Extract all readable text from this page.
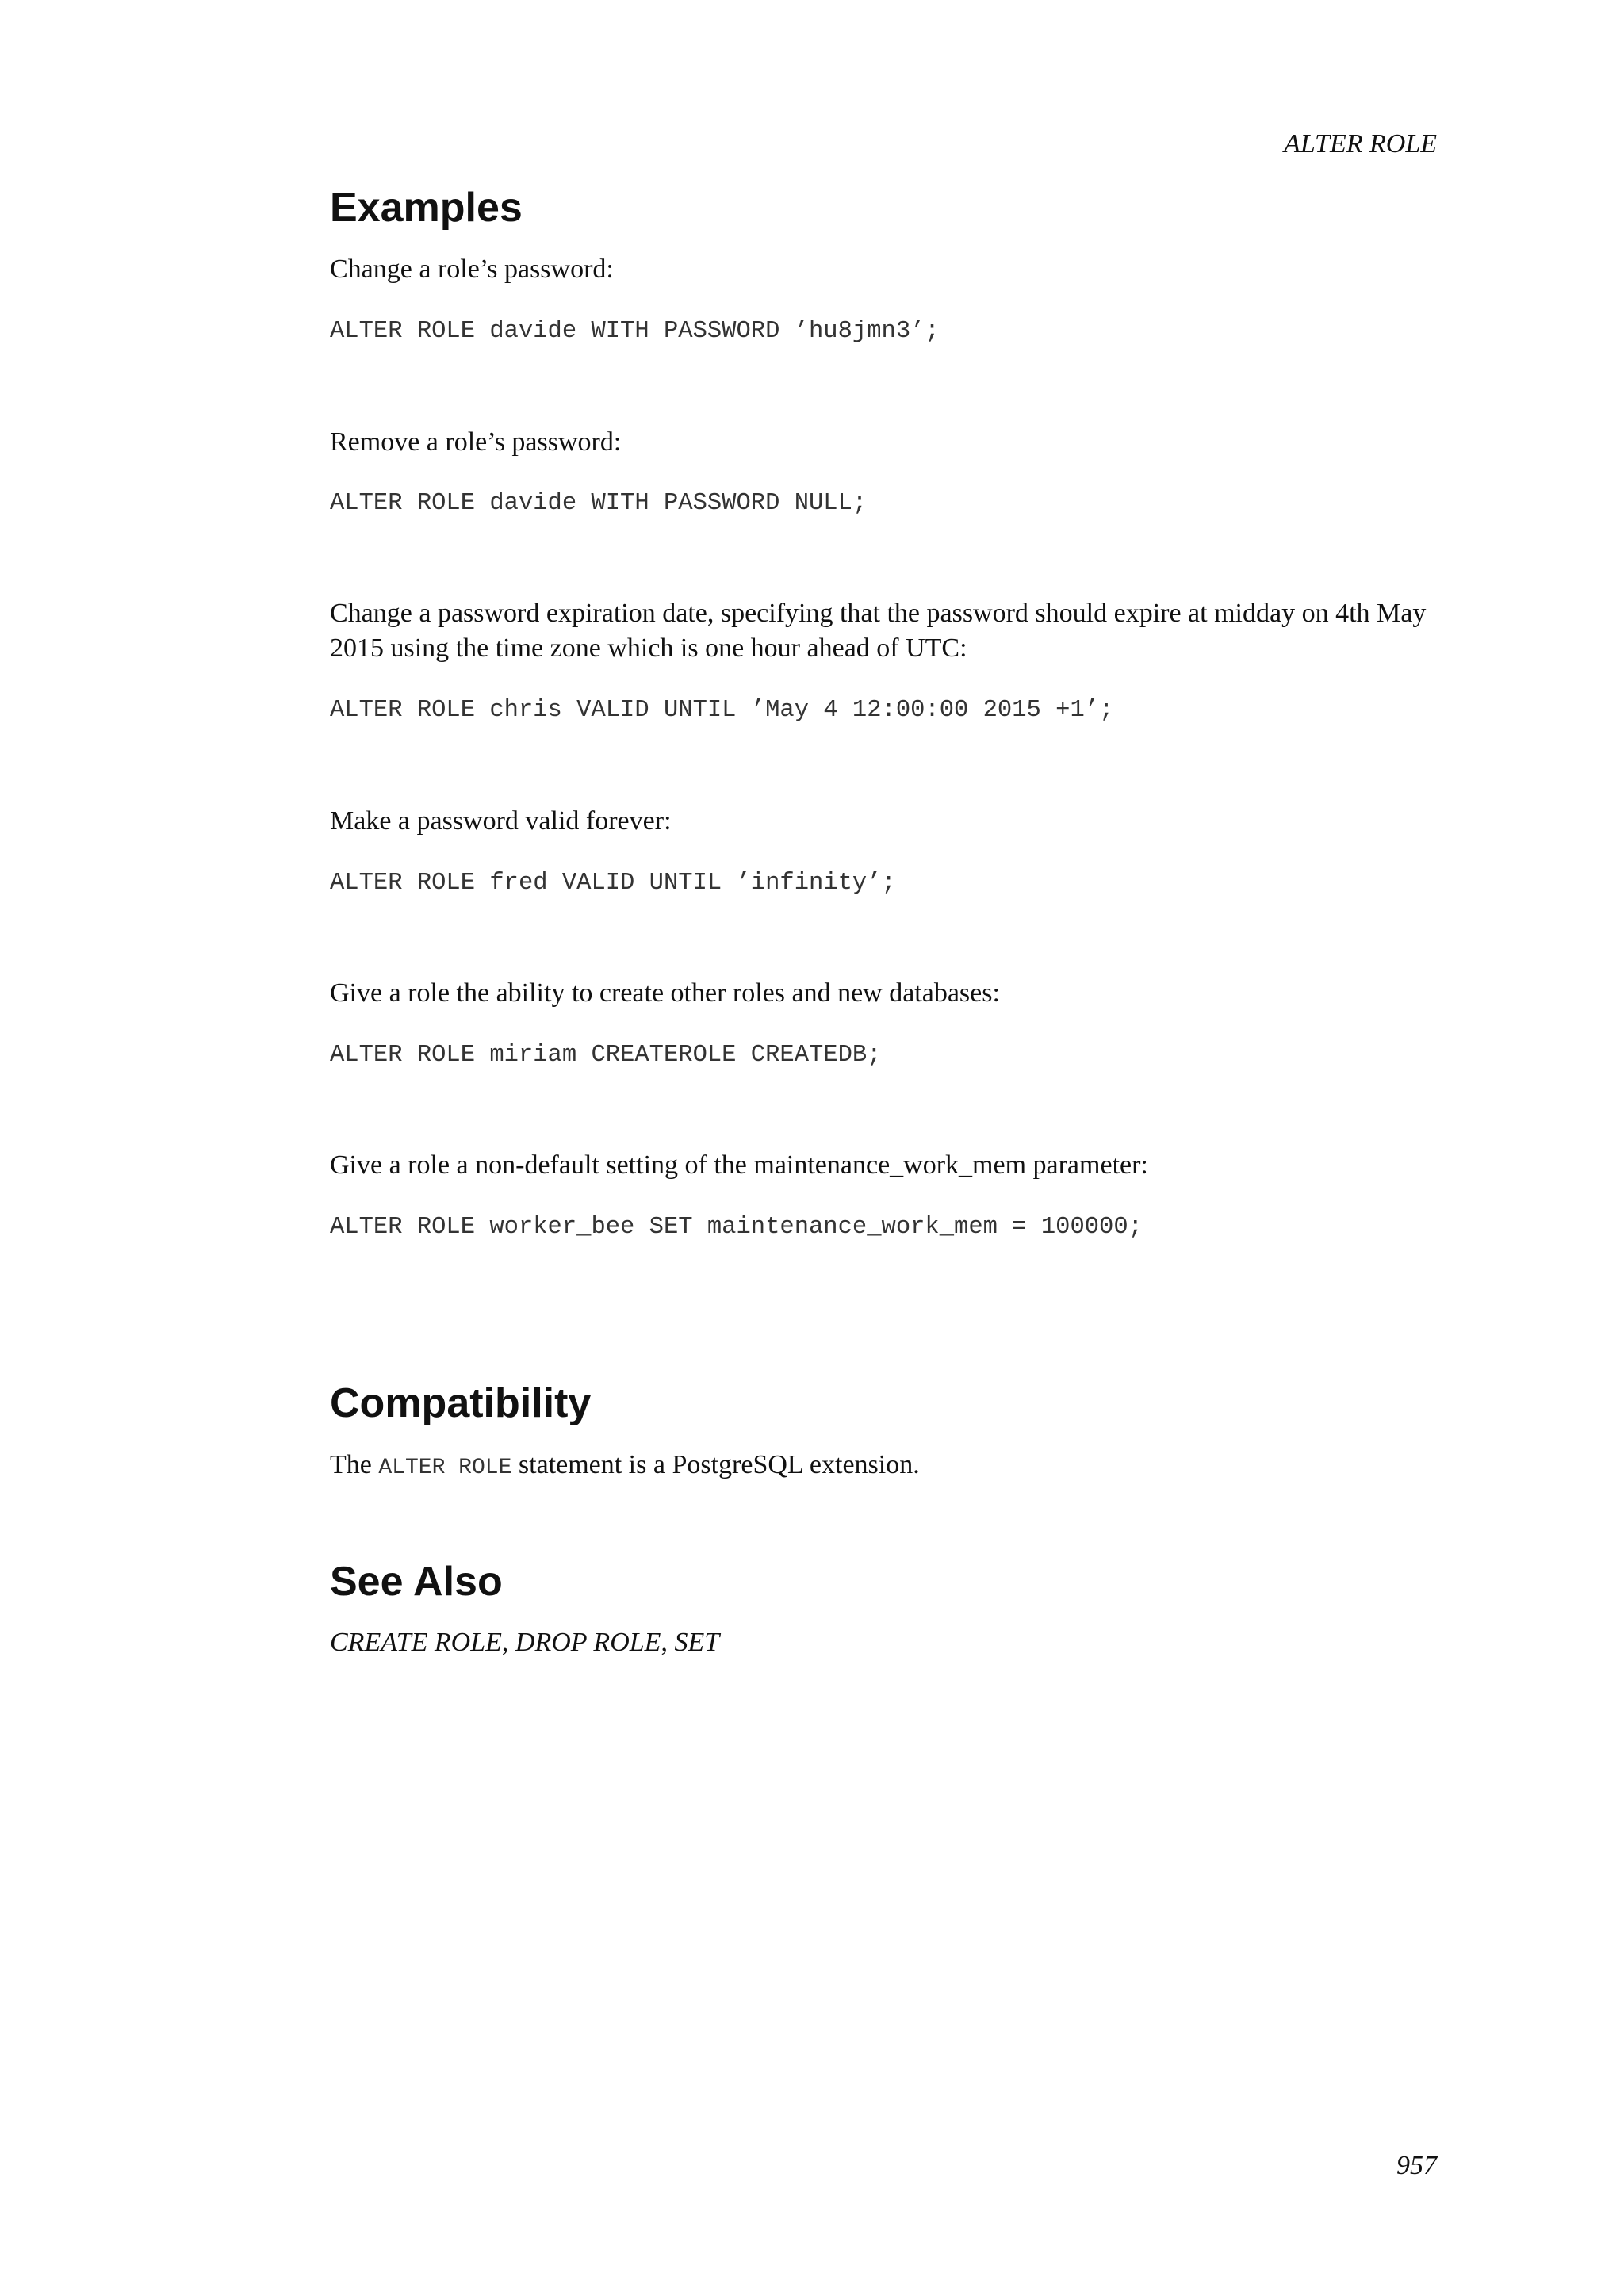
ALTER ROLE
Examples

Change a role’s password:

ALTER ROLE davide WITH PASSWORD ’hu8jmn3’;

Remove a role’s password:

ALTER ROLE davide WITH PASSWORD NULL;

Change a password expiration date, specifying that the password should expire at midday on 4th May

2015 using the time zone which is one hour ahead of UTC:

ALTER ROLE chris VALID UNTIL ’May 4 12:00:00 2015 +1’;

Make a password valid forever:

ALTER ROLE fred VALID UNTIL ’infinity’;

Give a role the ability to create other roles and new databases:

ALTER ROLE miriam CREATEROLE CREATEDB;

Give a role a non-default setting of the maintenance_work_mem parameter:

ALTER ROLE worker_bee SET maintenance_work_mem = 100000;
Compatibility

The ALTER ROLE statement is a PostgreSQL extension.

See Also

CREATE ROLE, DROP ROLE, SET

957
